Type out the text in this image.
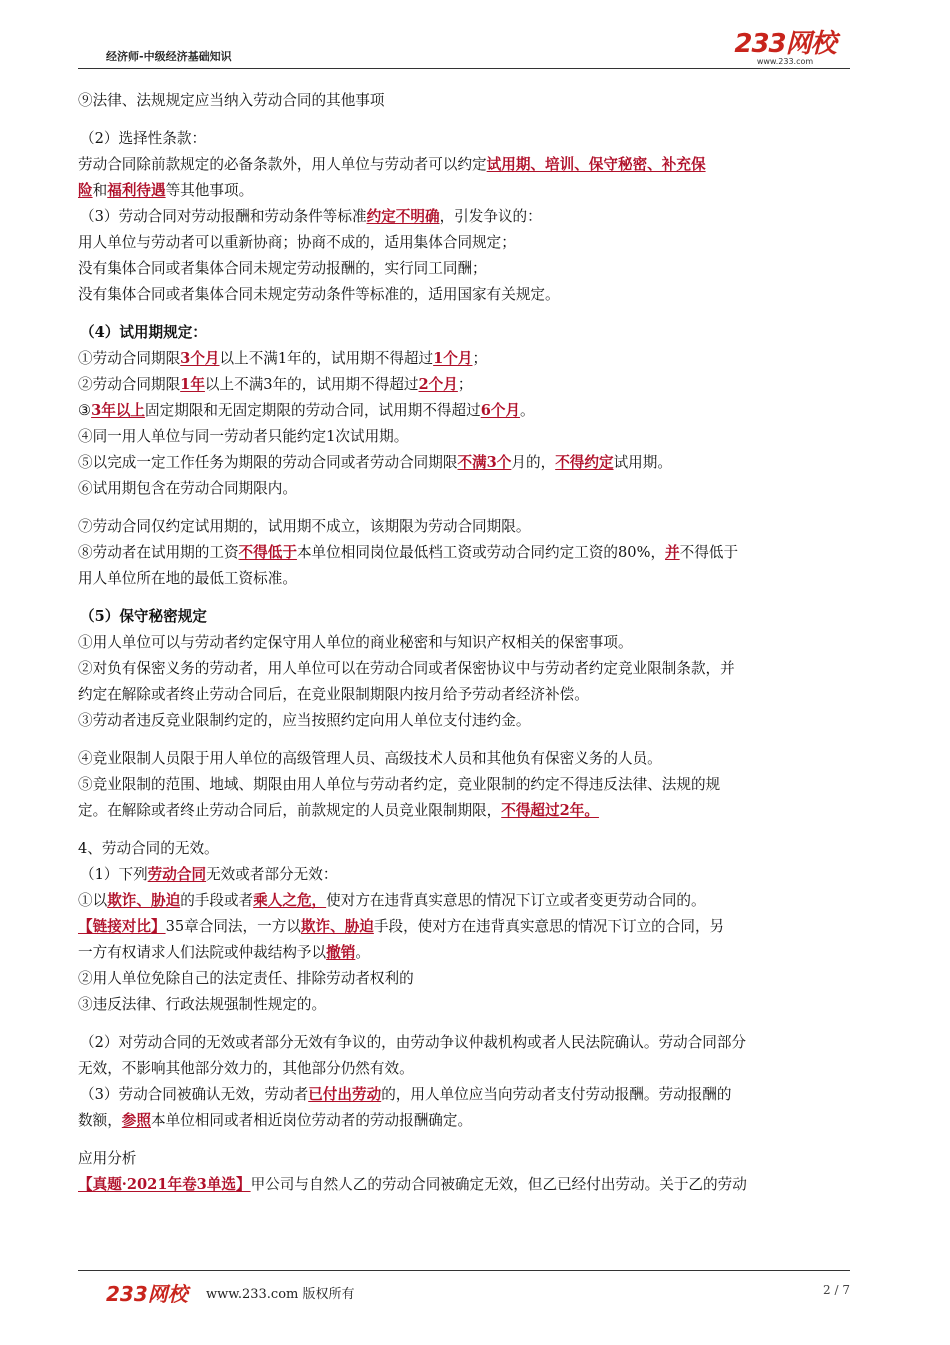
经济师-中级经济基础知识	233网校
www.233.com

⑨法律、法规规定应当纳入劳动合同的其他事项

（2）选择性条款：

劳动合同除前款规定的必备条款外，用人单位与劳动者可以约定试用期、培训、保守秘密、补充保

险和福利待遇等其他事项。

（3）劳动合同对劳动报酬和劳动条件等标准约定不明确，引发争议的：

用人单位与劳动者可以重新协商；协商不成的，适用集体合同规定；

没有集体合同或者集体合同未规定劳动报酬的，实行同工同酬；

没有集体合同或者集体合同未规定劳动条件等标准的，适用国家有关规定。

（4）试用期规定：

①劳动合同期限3个月以上不满1年的，试用期不得超过1个月；

②劳动合同期限1年以上不满3年的，试用期不得超过2个月；

③3年以上固定期限和无固定期限的劳动合同，试用期不得超过6个月。

④同一用人单位与同一劳动者只能约定1次试用期。

⑤以完成一定工作任务为期限的劳动合同或者劳动合同期限不满3个月的，不得约定试用期。

⑥试用期包含在劳动合同期限内。

⑦劳动合同仅约定试用期的，试用期不成立，该期限为劳动合同期限。

⑧劳动者在试用期的工资不得低于本单位相同岗位最低档工资或劳动合同约定工资的80%，并不得低于

用人单位所在地的最低工资标准。

（5）保守秘密规定

①用人单位可以与劳动者约定保守用人单位的商业秘密和与知识产权相关的保密事项。

②对负有保密义务的劳动者，用人单位可以在劳动合同或者保密协议中与劳动者约定竞业限制条款，并

约定在解除或者终止劳动合同后，在竞业限制期限内按月给予劳动者经济补偿。

③劳动者违反竞业限制约定的，应当按照约定向用人单位支付违约金。

④竞业限制人员限于用人单位的高级管理人员、高级技术人员和其他负有保密义务的人员。

⑤竞业限制的范围、地域、期限由用人单位与劳动者约定，竞业限制的约定不得违反法律、法规的规

定。在解除或者终止劳动合同后，前款规定的人员竞业限制期限，不得超过2年。

4、劳动合同的无效。

（1）下列劳动合同无效或者部分无效：

①以欺诈、胁迫的手段或者乘人之危，使对方在违背真实意思的情况下订立或者变更劳动合同的。

【链接对比】35章合同法，一方以欺诈、胁迫手段，使对方在违背真实意思的情况下订立的合同，另

一方有权请求人们法院或仲裁结构予以撤销。

②用人单位免除自己的法定责任、排除劳动者权利的

③违反法律、行政法规强制性规定的。

（2）对劳动合同的无效或者部分无效有争议的，由劳动争议仲裁机构或者人民法院确认。劳动合同部分

无效，不影响其他部分效力的，其他部分仍然有效。

（3）劳动合同被确认无效，劳动者已付出劳动的，用人单位应当向劳动者支付劳动报酬。劳动报酬的

数额，参照本单位相同或者相近岗位劳动者的劳动报酬确定。

应用分析

【真题·2021年卷3单选】甲公司与自然人乙的劳动合同被确定无效，但乙已经付出劳动。关于乙的劳动

233网校 www.233.com 版权所有	2 / 7
